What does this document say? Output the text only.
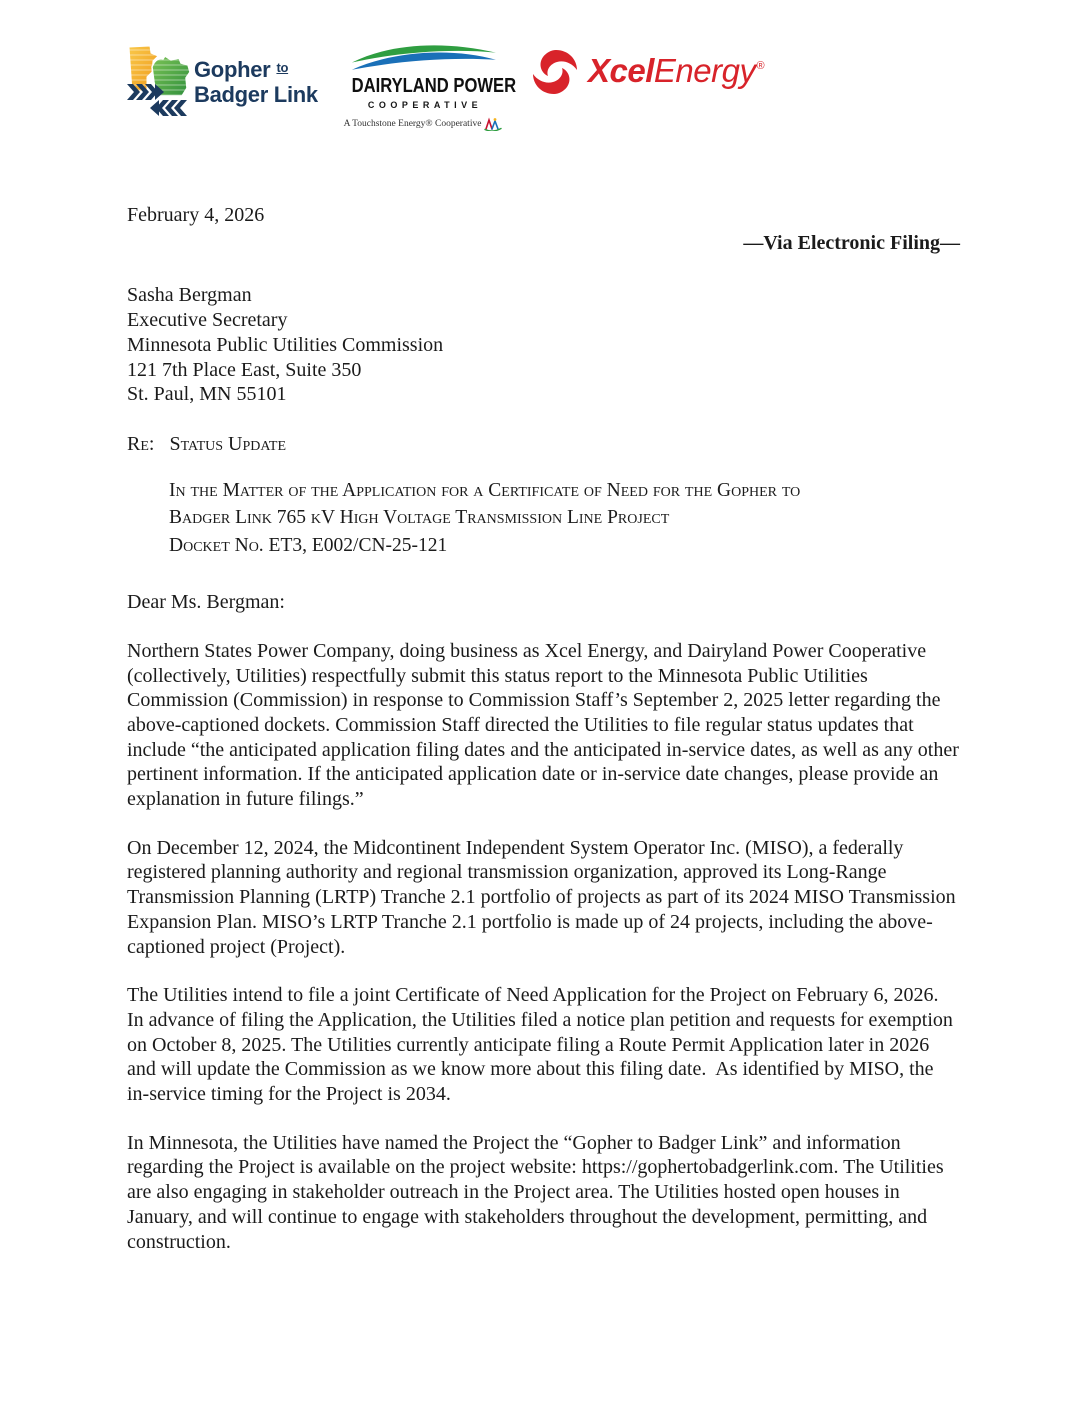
Gopher $^{to}$
Badger Link DAIRYLAND POWER
COOPERATIVE
A Touchstone Energy® Cooperative
XcelEnergy®
February 4, 2026
—Via Electronic Filing—
Sasha Bergman
Executive Secretary
Minnesota Public Utilities Commission
121 7th Place East, Suite 350
St. Paul, MN 55101
Re: Status Update
In the Matter of the Application for a Certificate of Need for the Gopher to
Badger Link 765 kV High Voltage Transmission Line Project
Docket No. ET3, E002/CN-25-121
Dear Ms. Bergman:

Northern States Power Company, doing business as Xcel Energy, and Dairyland Power Cooperative (collectively, Utilities) respectfully submit this status report to the Minnesota Public Utilities Commission (Commission) in response to Commission Staff’s September 2, 2025 letter regarding the above-captioned dockets. Commission Staff directed the Utilities to file regular status updates that include “the anticipated application filing dates and the anticipated in-service dates, as well as any other pertinent information. If the anticipated application date or in-service date changes, please provide an explanation in future filings.”

On December 12, 2024, the Midcontinent Independent System Operator Inc. (MISO), a federally registered planning authority and regional transmission organization, approved its Long-Range Transmission Planning (LRTP) Tranche 2.1 portfolio of projects as part of its 2024 MISO Transmission Expansion Plan. MISO’s LRTP Tranche 2.1 portfolio is made up of 24 projects, including the above-captioned project (Project).

The Utilities intend to file a joint Certificate of Need Application for the Project on February 6, 2026. In advance of filing the Application, the Utilities filed a notice plan petition and requests for exemption on October 8, 2025. The Utilities currently anticipate filing a Route Permit Application later in 2026 and will update the Commission as we know more about this filing date.  As identified by MISO, the in-service timing for the Project is 2034.

In Minnesota, the Utilities have named the Project the “Gopher to Badger Link” and information regarding the Project is available on the project website: https://gophertobadgerlink.com. The Utilities are also engaging in stakeholder outreach in the Project area. The Utilities hosted open houses in January, and will continue to engage with stakeholders throughout the development, permitting, and construction.
